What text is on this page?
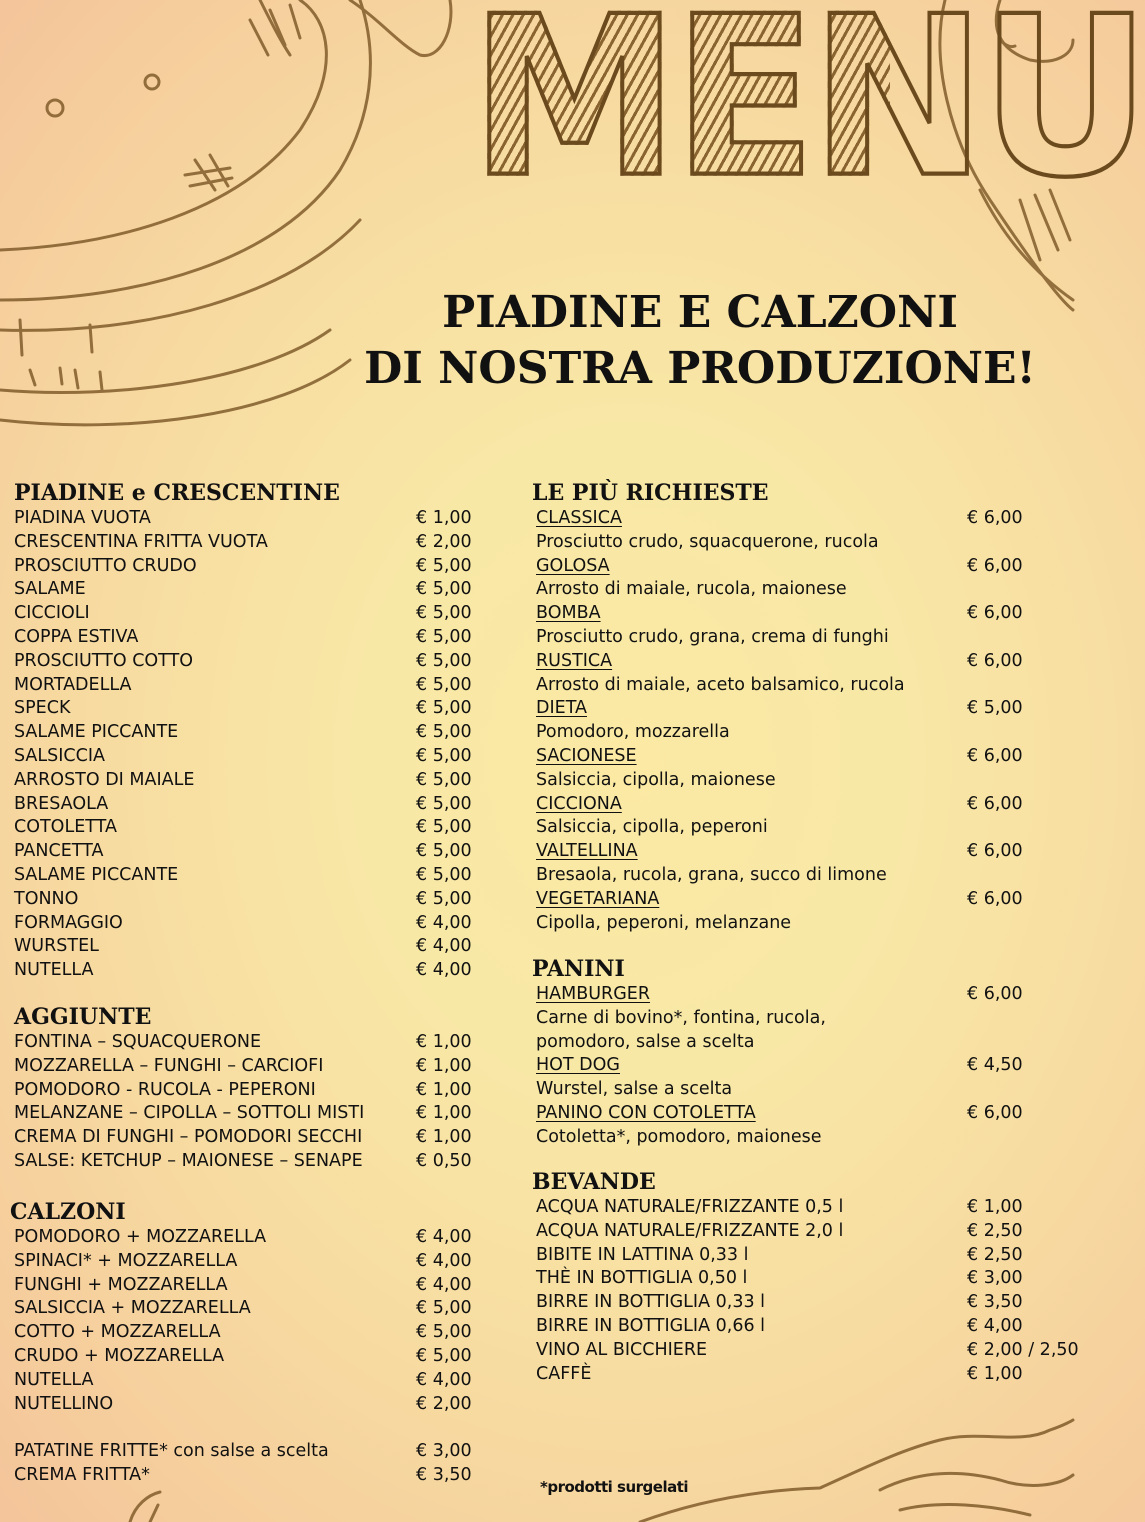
MENU
PIADINE E CALZONI
DI NOSTRA PRODUZIONE!
PIADINE e CRESCENTINE
PIADINA VUOTA	€ 1,00
CRESCENTINA FRITTA VUOTA	€ 2,00
PROSCIUTTO CRUDO	€ 5,00
SALAME	€ 5,00
CICCIOLI	€ 5,00
COPPA ESTIVA	€ 5,00
PROSCIUTTO COTTO	€ 5,00
MORTADELLA	€ 5,00
SPECK	€ 5,00
SALAME PICCANTE	€ 5,00
SALSICCIA	€ 5,00
ARROSTO DI MAIALE	€ 5,00
BRESAOLA	€ 5,00
COTOLETTA	€ 5,00
PANCETTA	€ 5,00
SALAME PICCANTE	€ 5,00
TONNO	€ 5,00
FORMAGGIO	€ 4,00
WURSTEL	€ 4,00
NUTELLA	€ 4,00
AGGIUNTE
FONTINA – SQUACQUERONE	€ 1,00
MOZZARELLA – FUNGHI – CARCIOFI	€ 1,00
POMODORO - RUCOLA - PEPERONI	€ 1,00
MELANZANE – CIPOLLA – SOTTOLI MISTI	€ 1,00
CREMA DI FUNGHI – POMODORI SECCHI	€ 1,00
SALSE: KETCHUP – MAIONESE – SENAPE	€ 0,50
CALZONI
POMODORO + MOZZARELLA	€ 4,00
SPINACI* + MOZZARELLA	€ 4,00
FUNGHI + MOZZARELLA	€ 4,00
SALSICCIA + MOZZARELLA	€ 5,00
COTTO + MOZZARELLA	€ 5,00
CRUDO + MOZZARELLA	€ 5,00
NUTELLA	€ 4,00
NUTELLINO	€ 2,00
PATATINE FRITTE* con salse a scelta	€ 3,00
CREMA FRITTA*	€ 3,50
LE PIÙ RICHIESTE
CLASSICA	€ 6,00
Prosciutto crudo, squacquerone, rucola
GOLOSA	€ 6,00
Arrosto di maiale, rucola, maionese
BOMBA	€ 6,00
Prosciutto crudo, grana, crema di funghi
RUSTICA	€ 6,00
Arrosto di maiale, aceto balsamico, rucola
DIETA	€ 5,00
Pomodoro, mozzarella
SACIONESE	€ 6,00
Salsiccia, cipolla, maionese
CICCIONA	€ 6,00
Salsiccia, cipolla, peperoni
VALTELLINA	€ 6,00
Bresaola, rucola, grana, succo di limone
VEGETARIANA	€ 6,00
Cipolla, peperoni, melanzane
PANINI
HAMBURGER	€ 6,00
Carne di bovino*, fontina, rucola,
pomodoro, salse a scelta
HOT DOG	€ 4,50
Wurstel, salse a scelta
PANINO CON COTOLETTA	€ 6,00
Cotoletta*, pomodoro, maionese
BEVANDE
ACQUA NATURALE/FRIZZANTE 0,5 l	€ 1,00
ACQUA NATURALE/FRIZZANTE 2,0 l	€ 2,50
BIBITE IN LATTINA 0,33 l	€ 2,50
THÈ IN BOTTIGLIA 0,50 l	€ 3,00
BIRRE IN BOTTIGLIA 0,33 l	€ 3,50
BIRRE IN BOTTIGLIA 0,66 l	€ 4,00
VINO AL BICCHIERE	€ 2,00 / 2,50
CAFFÈ	€ 1,00
*prodotti surgelati
